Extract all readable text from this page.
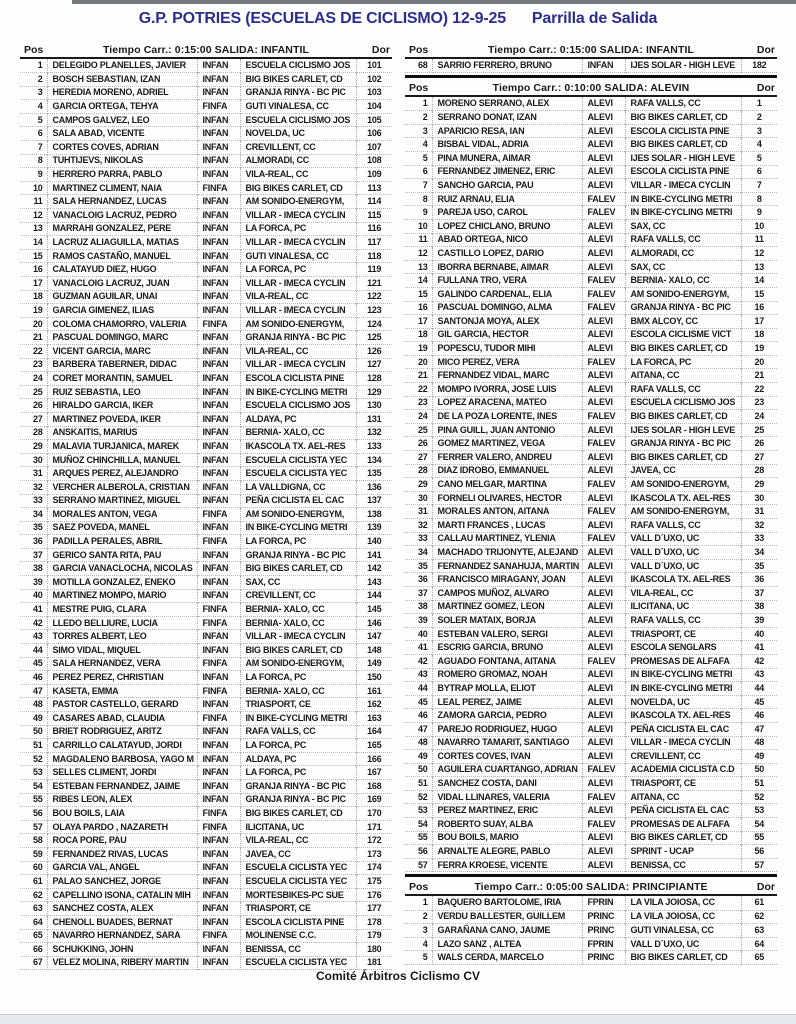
G.P. POTRIES (ESCUELAS DE CICLISMO) 12-9-25 Parrilla de Salida
Pos	Tiempo Carr.: 0:15:00 SALIDA: INFANTIL	Dor
1	DELEGIDO PLANELLES, JAVIER	INFAN	ESCUELA CICLISMO JOS	101
2	BOSCH SEBASTIAN, IZAN	INFAN	BIG BIKES CARLET, CD	102
3	HEREDIA MORENO, ADRIEL	INFAN	GRANJA RINYA - BC PIC	103
4	GARCIA ORTEGA, TEHYA	FINFA	GUTI VINALESA, CC	104
5	CAMPOS GALVEZ, LEO	INFAN	ESCUELA CICLISMO JOS	105
6	SALA ABAD, VICENTE	INFAN	NOVELDA, UC	106
7	CORTES COVES, ADRIAN	INFAN	CREVILLENT, CC	107
8	TUHTIJEVS, NIKOLAS	INFAN	ALMORADI, CC	108
9	HERRERO PARRA, PABLO	INFAN	VILA-REAL, CC	109
10	MARTINEZ CLIMENT, NAIA	FINFA	BIG BIKES CARLET, CD	113
11	SALA HERNANDEZ, LUCAS	INFAN	AM SONIDO-ENERGYM,	114
12	VANACLOIG LACRUZ, PEDRO	INFAN	VILLAR - IMECA CYCLIN	115
13	MARRAHI GONZALEZ, PERE	INFAN	LA FORCA, PC	116
14	LACRUZ ALIAGUILLA, MATIAS	INFAN	VILLAR - IMECA CYCLIN	117
15	RAMOS CASTAÑO, MANUEL	INFAN	GUTI VINALESA, CC	118
16	CALATAYUD DIEZ, HUGO	INFAN	LA FORCA, PC	119
17	VANACLOIG LACRUZ, JUAN	INFAN	VILLAR - IMECA CYCLIN	121
18	GUZMAN AGUILAR, UNAI	INFAN	VILA-REAL, CC	122
19	GARCIA GIMENEZ, ILIAS	INFAN	VILLAR - IMECA CYCLIN	123
20	COLOMA CHAMORRO, VALERIA	FINFA	AM SONIDO-ENERGYM,	124
21	PASCUAL DOMINGO, MARC	INFAN	GRANJA RINYA - BC PIC	125
22	VICENT GARCIA, MARC	INFAN	VILA-REAL, CC	126
23	BARBERA TABERNER, DIDAC	INFAN	VILLAR - IMECA CYCLIN	127
24	CORET MORANTIN, SAMUEL	INFAN	ESCOLA CICLISTA PINE	128
25	RUIZ SEBASTIA, LEO	INFAN	IN BIKE-CYCLING METRI	129
26	HIRALDO GARCIA, IKER	INFAN	ESCUELA CICLISMO JOS	130
27	MARTINEZ POVEDA, IKER	INFAN	ALDAYA, PC	131
28	ANSKAITIS, MARIUS	INFAN	BERNIA- XALO, CC	132
29	MALAVIA TURJANICA, MAREK	INFAN	IKASCOLA TX. AEL-RES	133
30	MUÑOZ CHINCHILLA, MANUEL	INFAN	ESCUELA CICLISTA YEC	134
31	ARQUES PEREZ, ALEJANDRO	INFAN	ESCUELA CICLISTA YEC	135
32	VERCHER ALBEROLA, CRISTIAN	INFAN	LA VALLDIGNA, CC	136
33	SERRANO MARTINEZ, MIGUEL	INFAN	PEÑA CICLISTA EL CAC	137
34	MORALES ANTON, VEGA	FINFA	AM SONIDO-ENERGYM,	138
35	SAEZ POVEDA, MANEL	INFAN	IN BIKE-CYCLING METRI	139
36	PADILLA PERALES, ABRIL	FINFA	LA FORCA, PC	140
37	GERICO SANTA RITA, PAU	INFAN	GRANJA RINYA - BC PIC	141
38	GARCIA VANACLOCHA, NICOLAS	INFAN	BIG BIKES CARLET, CD	142
39	MOTILLA GONZALEZ, ENEKO	INFAN	SAX, CC	143
40	MARTINEZ MOMPO, MARIO	INFAN	CREVILLENT, CC	144
41	MESTRE PUIG, CLARA	FINFA	BERNIA- XALO, CC	145
42	LLEDO BELLIURE, LUCIA	FINFA	BERNIA- XALO, CC	146
43	TORRES ALBERT, LEO	INFAN	VILLAR - IMECA CYCLIN	147
44	SIMO VIDAL, MIQUEL	INFAN	BIG BIKES CARLET, CD	148
45	SALA HERNANDEZ, VERA	FINFA	AM SONIDO-ENERGYM,	149
46	PEREZ PEREZ, CHRISTIAN	INFAN	LA FORCA, PC	150
47	KASETA, EMMA	FINFA	BERNIA- XALO, CC	161
48	PASTOR CASTELLO, GERARD	INFAN	TRIASPORT, CE	162
49	CASARES ABAD, CLAUDIA	FINFA	IN BIKE-CYCLING METRI	163
50	BRIET RODRIGUEZ, ARITZ	INFAN	RAFA VALLS, CC	164
51	CARRILLO CALATAYUD, JORDI	INFAN	LA FORCA, PC	165
52	MAGDALENO BARBOSA, YAGO M	INFAN	ALDAYA, PC	166
53	SELLES CLIMENT, JORDI	INFAN	LA FORCA, PC	167
54	ESTEBAN FERNANDEZ, JAIME	INFAN	GRANJA RINYA - BC PIC	168
55	RIBES LEON, ALEX	INFAN	GRANJA RINYA - BC PIC	169
56	BOU BOILS, LAIA	FINFA	BIG BIKES CARLET, CD	170
57	OLAYA PARDO , NAZARETH	FINFA	ILICITANA, UC	171
58	ROCA PORE, PAU	INFAN	VILA-REAL, CC	172
59	FERNANDEZ RIVAS, LUCAS	INFAN	JAVEA, CC	173
60	GARCIA VAL, ANGEL	INFAN	ESCUELA CICLISTA YEC	174
61	PALAO SANCHEZ, JORGE	INFAN	ESCUELA CICLISTA YEC	175
62	CAPELLINO ISONA, CATALIN MIH	INFAN	MORTESBIKES-PC SUE	176
63	SANCHEZ COSTA, ALEX	INFAN	TRIASPORT, CE	177
64	CHENOLL BUADES, BERNAT	INFAN	ESCOLA CICLISTA PINE	178
65	NAVARRO HERNANDEZ, SARA	FINFA	MOLINENSE C.C.	179
66	SCHUKKING, JOHN	INFAN	BENISSA, CC	180
67	VELEZ MOLINA, RIBERY MARTIN	INFAN	ESCUELA CICLISTA YEC	181
Pos	Tiempo Carr.: 0:15:00 SALIDA: INFANTIL	Dor
68	SARRIO FERRERO, BRUNO	INFAN	IJES SOLAR - HIGH LEVE	182
Pos	Tiempo Carr.: 0:10:00 SALIDA: ALEVIN	Dor
1	MORENO SERRANO, ALEX	ALEVI	RAFA VALLS, CC	1
2	SERRANO DONAT, IZAN	ALEVI	BIG BIKES CARLET, CD	2
3	APARICIO RESA, IAN	ALEVI	ESCOLA CICLISTA PINE	3
4	BISBAL VIDAL, ADRIA	ALEVI	BIG BIKES CARLET, CD	4
5	PINA MUNERA, AIMAR	ALEVI	IJES SOLAR - HIGH LEVE	5
6	FERNANDEZ JIMENEZ, ERIC	ALEVI	ESCOLA CICLISTA PINE	6
7	SANCHO GARCIA, PAU	ALEVI	VILLAR - IMECA CYCLIN	7
8	RUIZ ARNAU, ELIA	FALEV	IN BIKE-CYCLING METRI	8
9	PAREJA USO, CAROL	FALEV	IN BIKE-CYCLING METRI	9
10	LOPEZ CHICLANO, BRUNO	ALEVI	SAX, CC	10
11	ABAD ORTEGA, NICO	ALEVI	RAFA VALLS, CC	11
12	CASTILLO LOPEZ, DARIO	ALEVI	ALMORADI, CC	12
13	IBORRA BERNABE, AIMAR	ALEVI	SAX, CC	13
14	FULLANA TRO, VERA	FALEV	BERNIA- XALO, CC	14
15	GALINDO CARDENAL, ELIA	FALEV	AM SONIDO-ENERGYM,	15
16	PASCUAL DOMINGO, ALMA	FALEV	GRANJA RINYA - BC PIC	16
17	SANTONJA MOYA, ALEX	ALEVI	BMX ALCOY, CC	17
18	GIL GARCIA, HECTOR	ALEVI	ESCOLA CICLISME VICT	18
19	POPESCU, TUDOR MIHI	ALEVI	BIG BIKES CARLET, CD	19
20	MICO PEREZ, VERA	FALEV	LA FORCA, PC	20
21	FERNANDEZ VIDAL, MARC	ALEVI	AITANA, CC	21
22	MOMPO IVORRA, JOSE LUIS	ALEVI	RAFA VALLS, CC	22
23	LOPEZ ARACENA, MATEO	ALEVI	ESCUELA CICLISMO JOS	23
24	DE LA POZA LORENTE, INES	FALEV	BIG BIKES CARLET, CD	24
25	PINA GUILL, JUAN ANTONIO	ALEVI	IJES SOLAR - HIGH LEVE	25
26	GOMEZ MARTINEZ, VEGA	FALEV	GRANJA RINYA - BC PIC	26
27	FERRER VALERO, ANDREU	ALEVI	BIG BIKES CARLET, CD	27
28	DIAZ IDROBO, EMMANUEL	ALEVI	JAVEA, CC	28
29	CANO MELGAR, MARTINA	FALEV	AM SONIDO-ENERGYM,	29
30	FORNELI OLIVARES, HECTOR	ALEVI	IKASCOLA TX. AEL-RES	30
31	MORALES ANTON, AITANA	FALEV	AM SONIDO-ENERGYM,	31
32	MARTI FRANCES , LUCAS	ALEVI	RAFA VALLS, CC	32
33	CALLAU MARTINEZ, YLENIA	FALEV	VALL D´UXO, UC	33
34	MACHADO TRIJONYTE, ALEJAND	ALEVI	VALL D´UXO, UC	34
35	FERNANDEZ SANAHUJA, MARTIN	ALEVI	VALL D´UXO, UC	35
36	FRANCISCO MIRAGANY, JOAN	ALEVI	IKASCOLA TX. AEL-RES	36
37	CAMPOS MUÑOZ, ALVARO	ALEVI	VILA-REAL, CC	37
38	MARTINEZ GOMEZ, LEON	ALEVI	ILICITANA, UC	38
39	SOLER MATAIX, BORJA	ALEVI	RAFA VALLS, CC	39
40	ESTEBAN VALERO, SERGI	ALEVI	TRIASPORT, CE	40
41	ESCRIG GARCIA, BRUNO	ALEVI	ESCOLA SENGLARS	41
42	AGUADO FONTANA, AITANA	FALEV	PROMESAS DE ALFAFA	42
43	ROMERO GROMAZ, NOAH	ALEVI	IN BIKE-CYCLING METRI	43
44	BYTRAP MOLLA, ELIOT	ALEVI	IN BIKE-CYCLING METRI	44
45	LEAL PEREZ, JAIME	ALEVI	NOVELDA, UC	45
46	ZAMORA GARCIA, PEDRO	ALEVI	IKASCOLA TX. AEL-RES	46
47	PAREJO RODRIGUEZ, HUGO	ALEVI	PEÑA CICLISTA EL CAC	47
48	NAVARRO TAMARIT, SANTIAGO	ALEVI	VILLAR - IMECA CYCLIN	48
49	CORTES COVES, IVAN	ALEVI	CREVILLENT, CC	49
50	AGUILERA CUARTANGO, ADRIAN	FALEV	ACADEMIA CICLISTA C.D	50
51	SANCHEZ COSTA, DANI	ALEVI	TRIASPORT, CE	51
52	VIDAL LLINARES, VALERIA	FALEV	AITANA, CC	52
53	PEREZ MARTINEZ, ERIC	ALEVI	PEÑA CICLISTA EL CAC	53
54	ROBERTO SUAY, ALBA	FALEV	PROMESAS DE ALFAFA	54
55	BOU BOILS, MARIO	ALEVI	BIG BIKES CARLET, CD	55
56	ARNALTE ALEGRE, PABLO	ALEVI	SPRINT - UCAP	56
57	FERRA KROESE, VICENTE	ALEVI	BENISSA, CC	57
Pos	Tiempo Carr.: 0:05:00 SALIDA: PRINCIPIANTE	Dor
1	BAQUERO BARTOLOME, IRIA	FPRIN	LA VILA JOIOSA, CC	61
2	VERDU BALLESTER, GUILLEM	PRINC	LA VILA JOIOSA, CC	62
3	GARAÑANA CANO, JAUME	PRINC	GUTI VINALESA, CC	63
4	LAZO SANZ , ALTEA	FPRIN	VALL D´UXO, UC	64
5	WALS CERDA, MARCELO	PRINC	BIG BIKES CARLET, CD	65
Comité Árbitros Ciclismo CV
